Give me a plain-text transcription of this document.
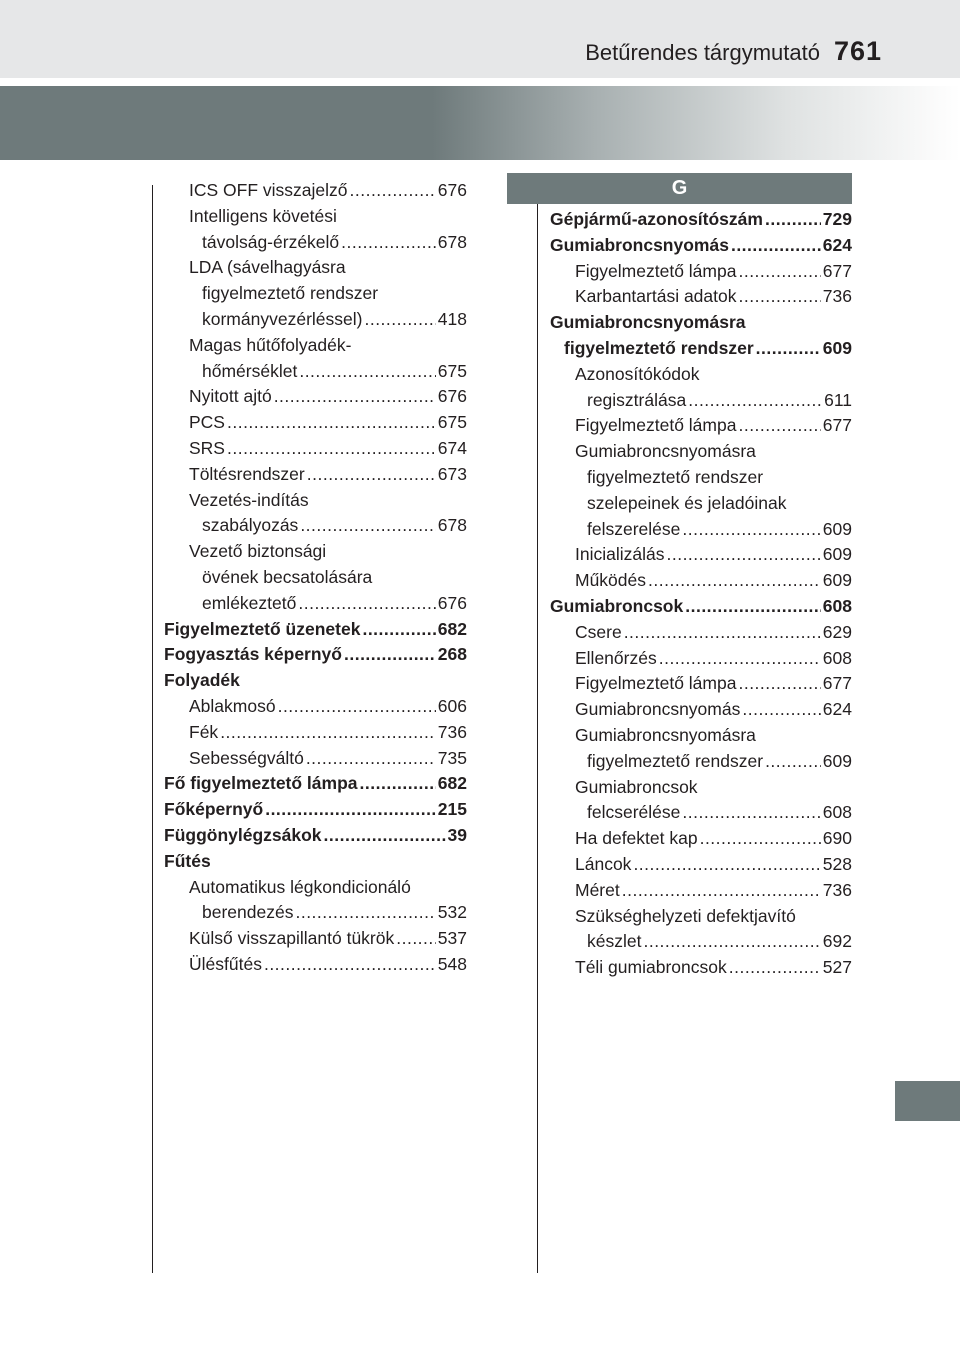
Betűrendes tárgymutató 761
G
ICS OFF visszajelző .....	676
Intelligens követési
távolság-érzékelő .....	678
LDA (sávelhagyásra
figyelmeztető rendszer
kormányvezérléssel) .....	418
Magas hűtőfolyadék-
hőmérséklet .....	675
Nyitott ajtó .....	676
PCS .....	675
SRS .....	674
Töltésrendszer .....	673
Vezetés-indítás
szabályozás .....	678
Vezető biztonsági
övének becsatolására
emlékeztető .....	676
Figyelmeztető üzenetek .....	682
Fogyasztás képernyő .....	268
Folyadék
Ablakmosó .....	606
Fék .....	736
Sebességváltó .....	735
Fő figyelmeztető lámpa .....	682
Főképernyő .....	215
Függönylégzsákok .....	39
Fűtés
Automatikus légkondicionáló
berendezés .....	532
Külső visszapillantó tükrök ..... 537
Ülésfűtés .....	548
Gépjármű-azonosítószám .....	729
Gumiabroncsnyomás .....	624
Figyelmeztető lámpa .....	677
Karbantartási adatok .....	736
Gumiabroncsnyomásra
figyelmeztető rendszer .....	609
Azonosítókódok
regisztrálása .....	611
Figyelmeztető lámpa .....	677
Gumiabroncsnyomásra
figyelmeztető rendszer
szelepeinek és jeladóinak
felszerelése .....	609
Inicializálás .....	609
Működés .....	609
Gumiabroncsok .....	608
Csere .....	629
Ellenőrzés .....	608
Figyelmeztető lámpa .....	677
Gumiabroncsnyomás .....	624
Gumiabroncsnyomásra
figyelmeztető rendszer .....	609
Gumiabroncsok
felcserélése .....	608
Ha defektet kap .....	690
Láncok .....	528
Méret .....	736
Szükséghelyzeti defektjavító
készlet .....	692
Téli gumiabroncsok .....	527
